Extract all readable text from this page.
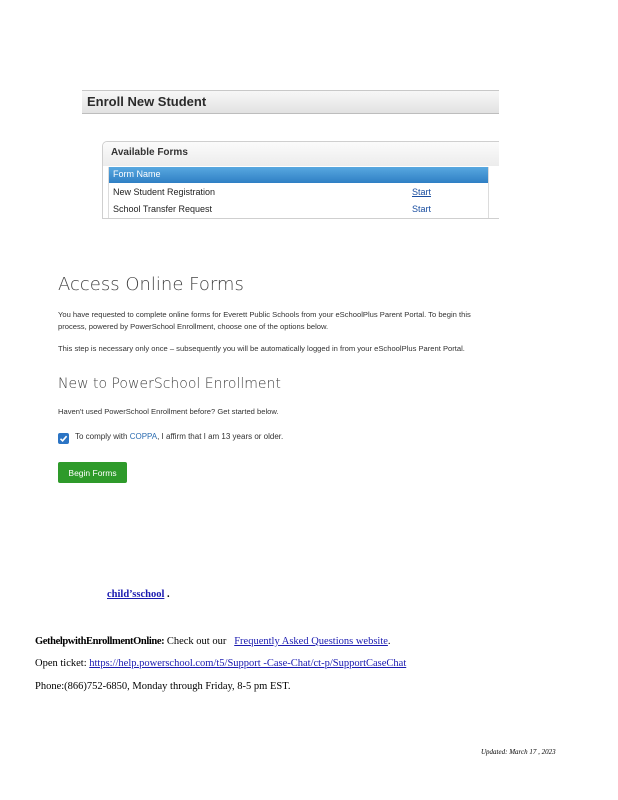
Enroll New Student
Available Forms
Form Name
New Student Registration	Start
School Transfer Request	Start
Access Online Forms
You have requested to complete online forms for Everett Public Schools from your eSchoolPlus Parent Portal. To begin this process, powered by PowerSchool Enrollment, choose one of the options below.
This step is necessary only once – subsequently you will be automatically logged in from your eSchoolPlus Parent Portal.
New to PowerSchool Enrollment
Haven't used PowerSchool Enrollment before? Get started below.
To comply with COPPA, I affirm that I am 13 years or older.
Begin Forms
child’sschool .
GethelpwithEnrollmentOnline: Check out our   Frequently Asked Questions website.
Open ticket: https://help.powerschool.com/t5/Support -Case-Chat/ct-p/SupportCaseChat
Phone:(866)752-6850, Monday through Friday, 8-5 pm EST.
Updated: March 17 , 2023
